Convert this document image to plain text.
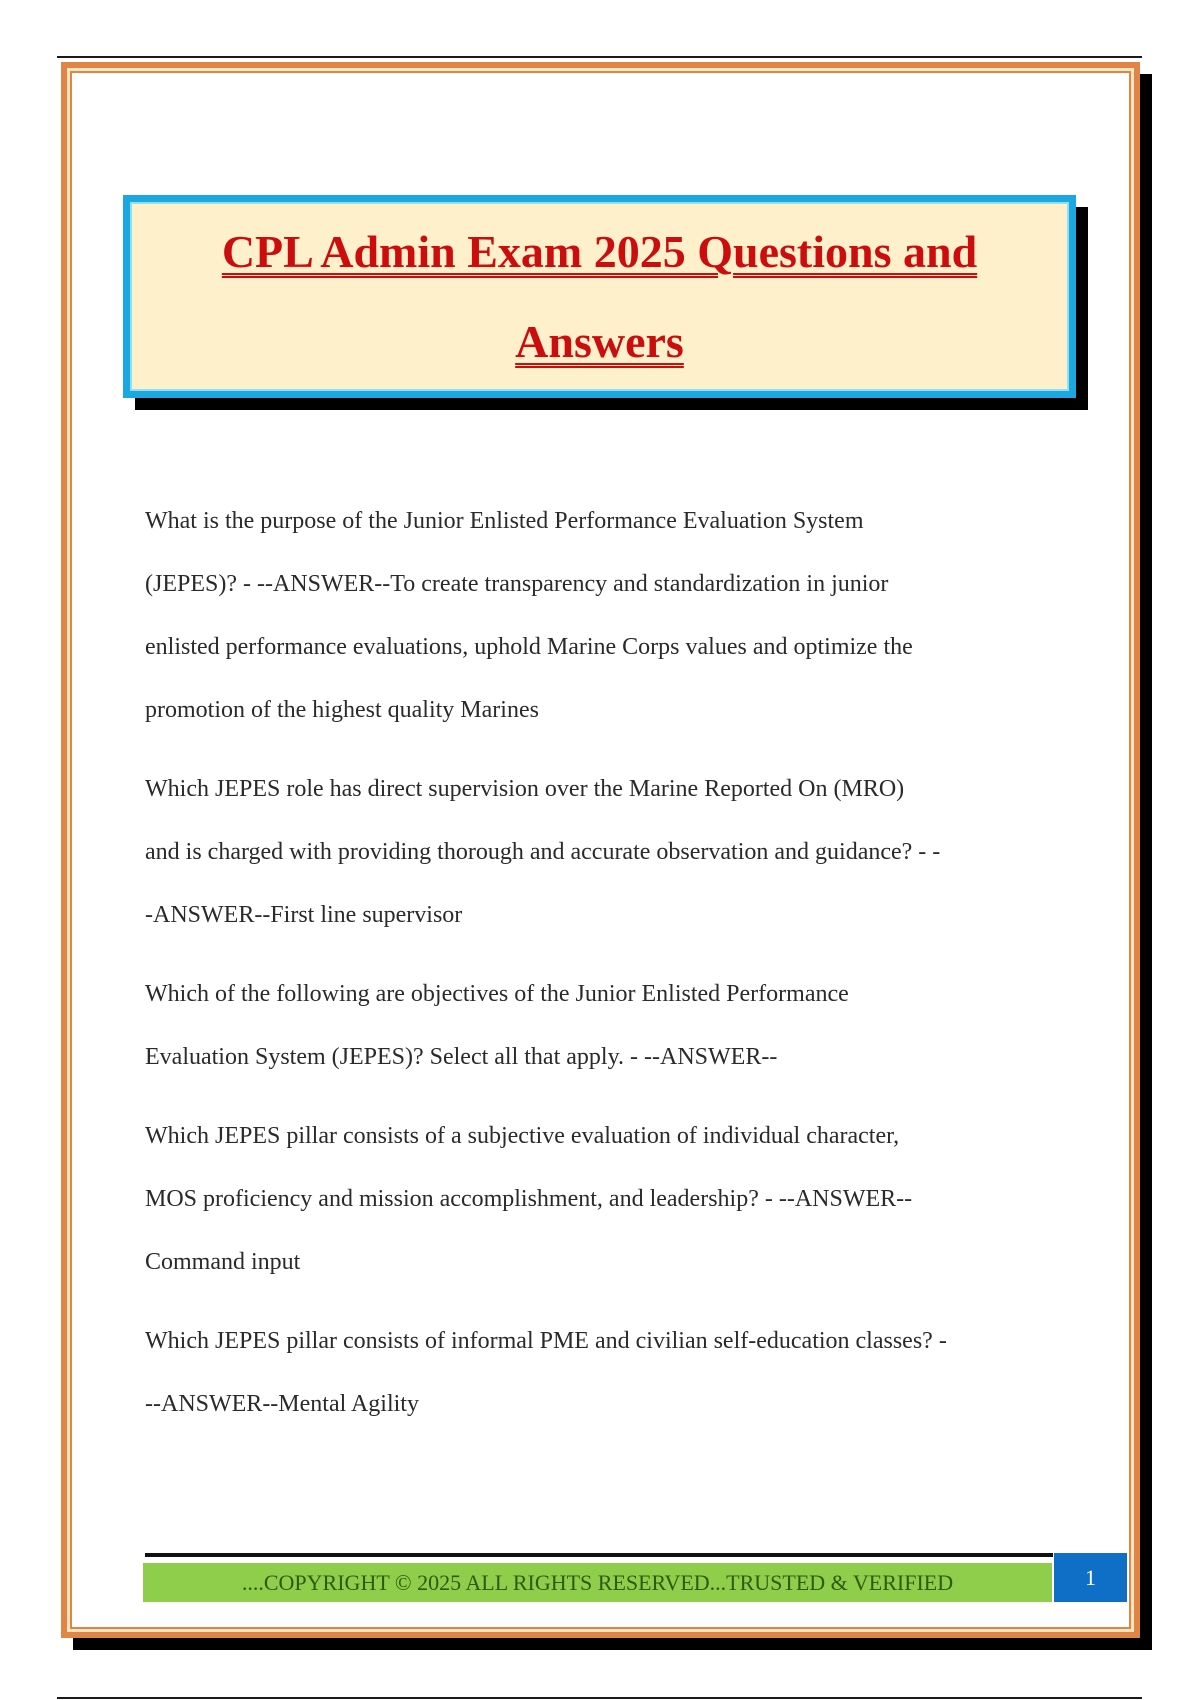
CPL Admin Exam 2025 Questions and
Answers
What is the purpose of the Junior Enlisted Performance Evaluation System
(JEPES)? - --ANSWER--To create transparency and standardization in junior
enlisted performance evaluations, uphold Marine Corps values and optimize the
promotion of the highest quality Marines
Which JEPES role has direct supervision over the Marine Reported On (MRO)
and is charged with providing thorough and accurate observation and guidance? - -
-ANSWER--First line supervisor
Which of the following are objectives of the Junior Enlisted Performance
Evaluation System (JEPES)? Select all that apply. - --ANSWER--
Which JEPES pillar consists of a subjective evaluation of individual character,
MOS proficiency and mission accomplishment, and leadership? - --ANSWER--
Command input
Which JEPES pillar consists of informal PME and civilian self-education classes? -
--ANSWER--Mental Agility
....COPYRIGHT © 2025 ALL RIGHTS RESERVED...TRUSTED & VERIFIED	1
